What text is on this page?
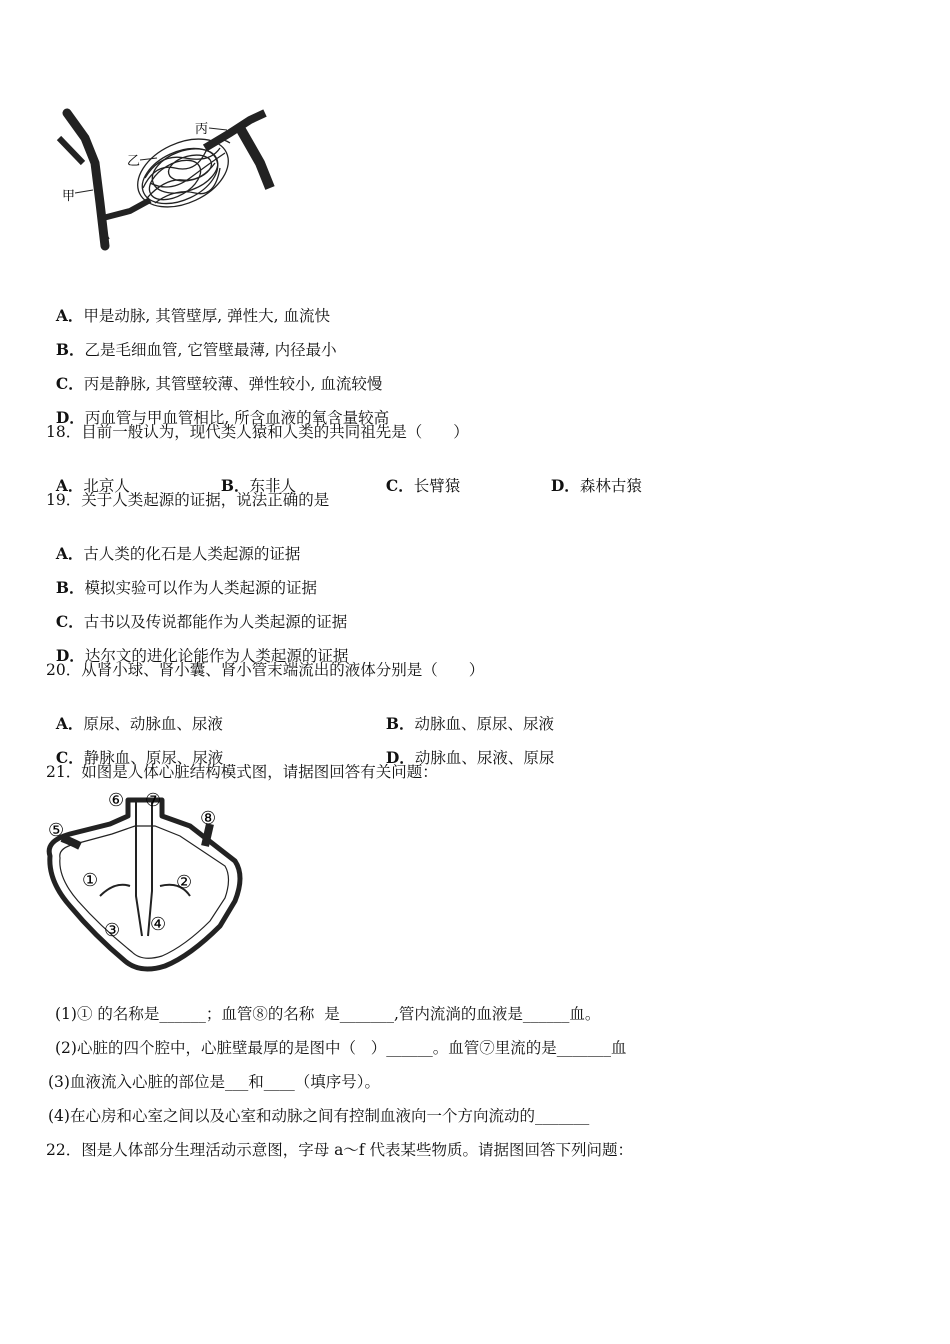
甲
乙
丙

A．甲是动脉, 其管壁厚, 弹性大, 血流快

B．乙是毛细血管, 它管壁最薄, 内径最小

C．丙是静脉, 其管壁较薄、弹性较小, 血流较慢

D．丙血管与甲血管相比, 所含血液的氧含量较高

18．目前一般认为，现代类人猿和人类的共同祖先是（　　）

A．北京人	B．东非人	C．长臂猿	D．森林古猿

19．关于人类起源的证据，说法正确的是

A．古人类的化石是人类起源的证据

B．模拟实验可以作为人类起源的证据

C．古书以及传说都能作为人类起源的证据

D．达尔文的进化论能作为人类起源的证据

20．从肾小球、肾小囊、肾小管末端流出的液体分别是（　　）

A．原尿、动脉血、尿液	B．动脉血、原尿、尿液

C．静脉血、原尿、尿液	D．动脉血、尿液、原尿

21．如图是人体心脏结构模式图，请据图回答有关问题：
⑤
⑥ ⑦
⑧
①	②
③ ④
(1)① 的名称是______；血管⑧的名称  是_______,管内流淌的血液是______血。
(2)心脏的四个腔中，心脏壁最厚的是图中（   ）______。血管⑦里流的是_______血
(3)血液流入心脏的部位是___和____（填序号）。
(4)在心房和心室之间以及心室和动脉之间有控制血液向一个方向流动的_______
22．图是人体部分生理活动示意图，字母 a～f 代表某些物质。请据图回答下列问题：
